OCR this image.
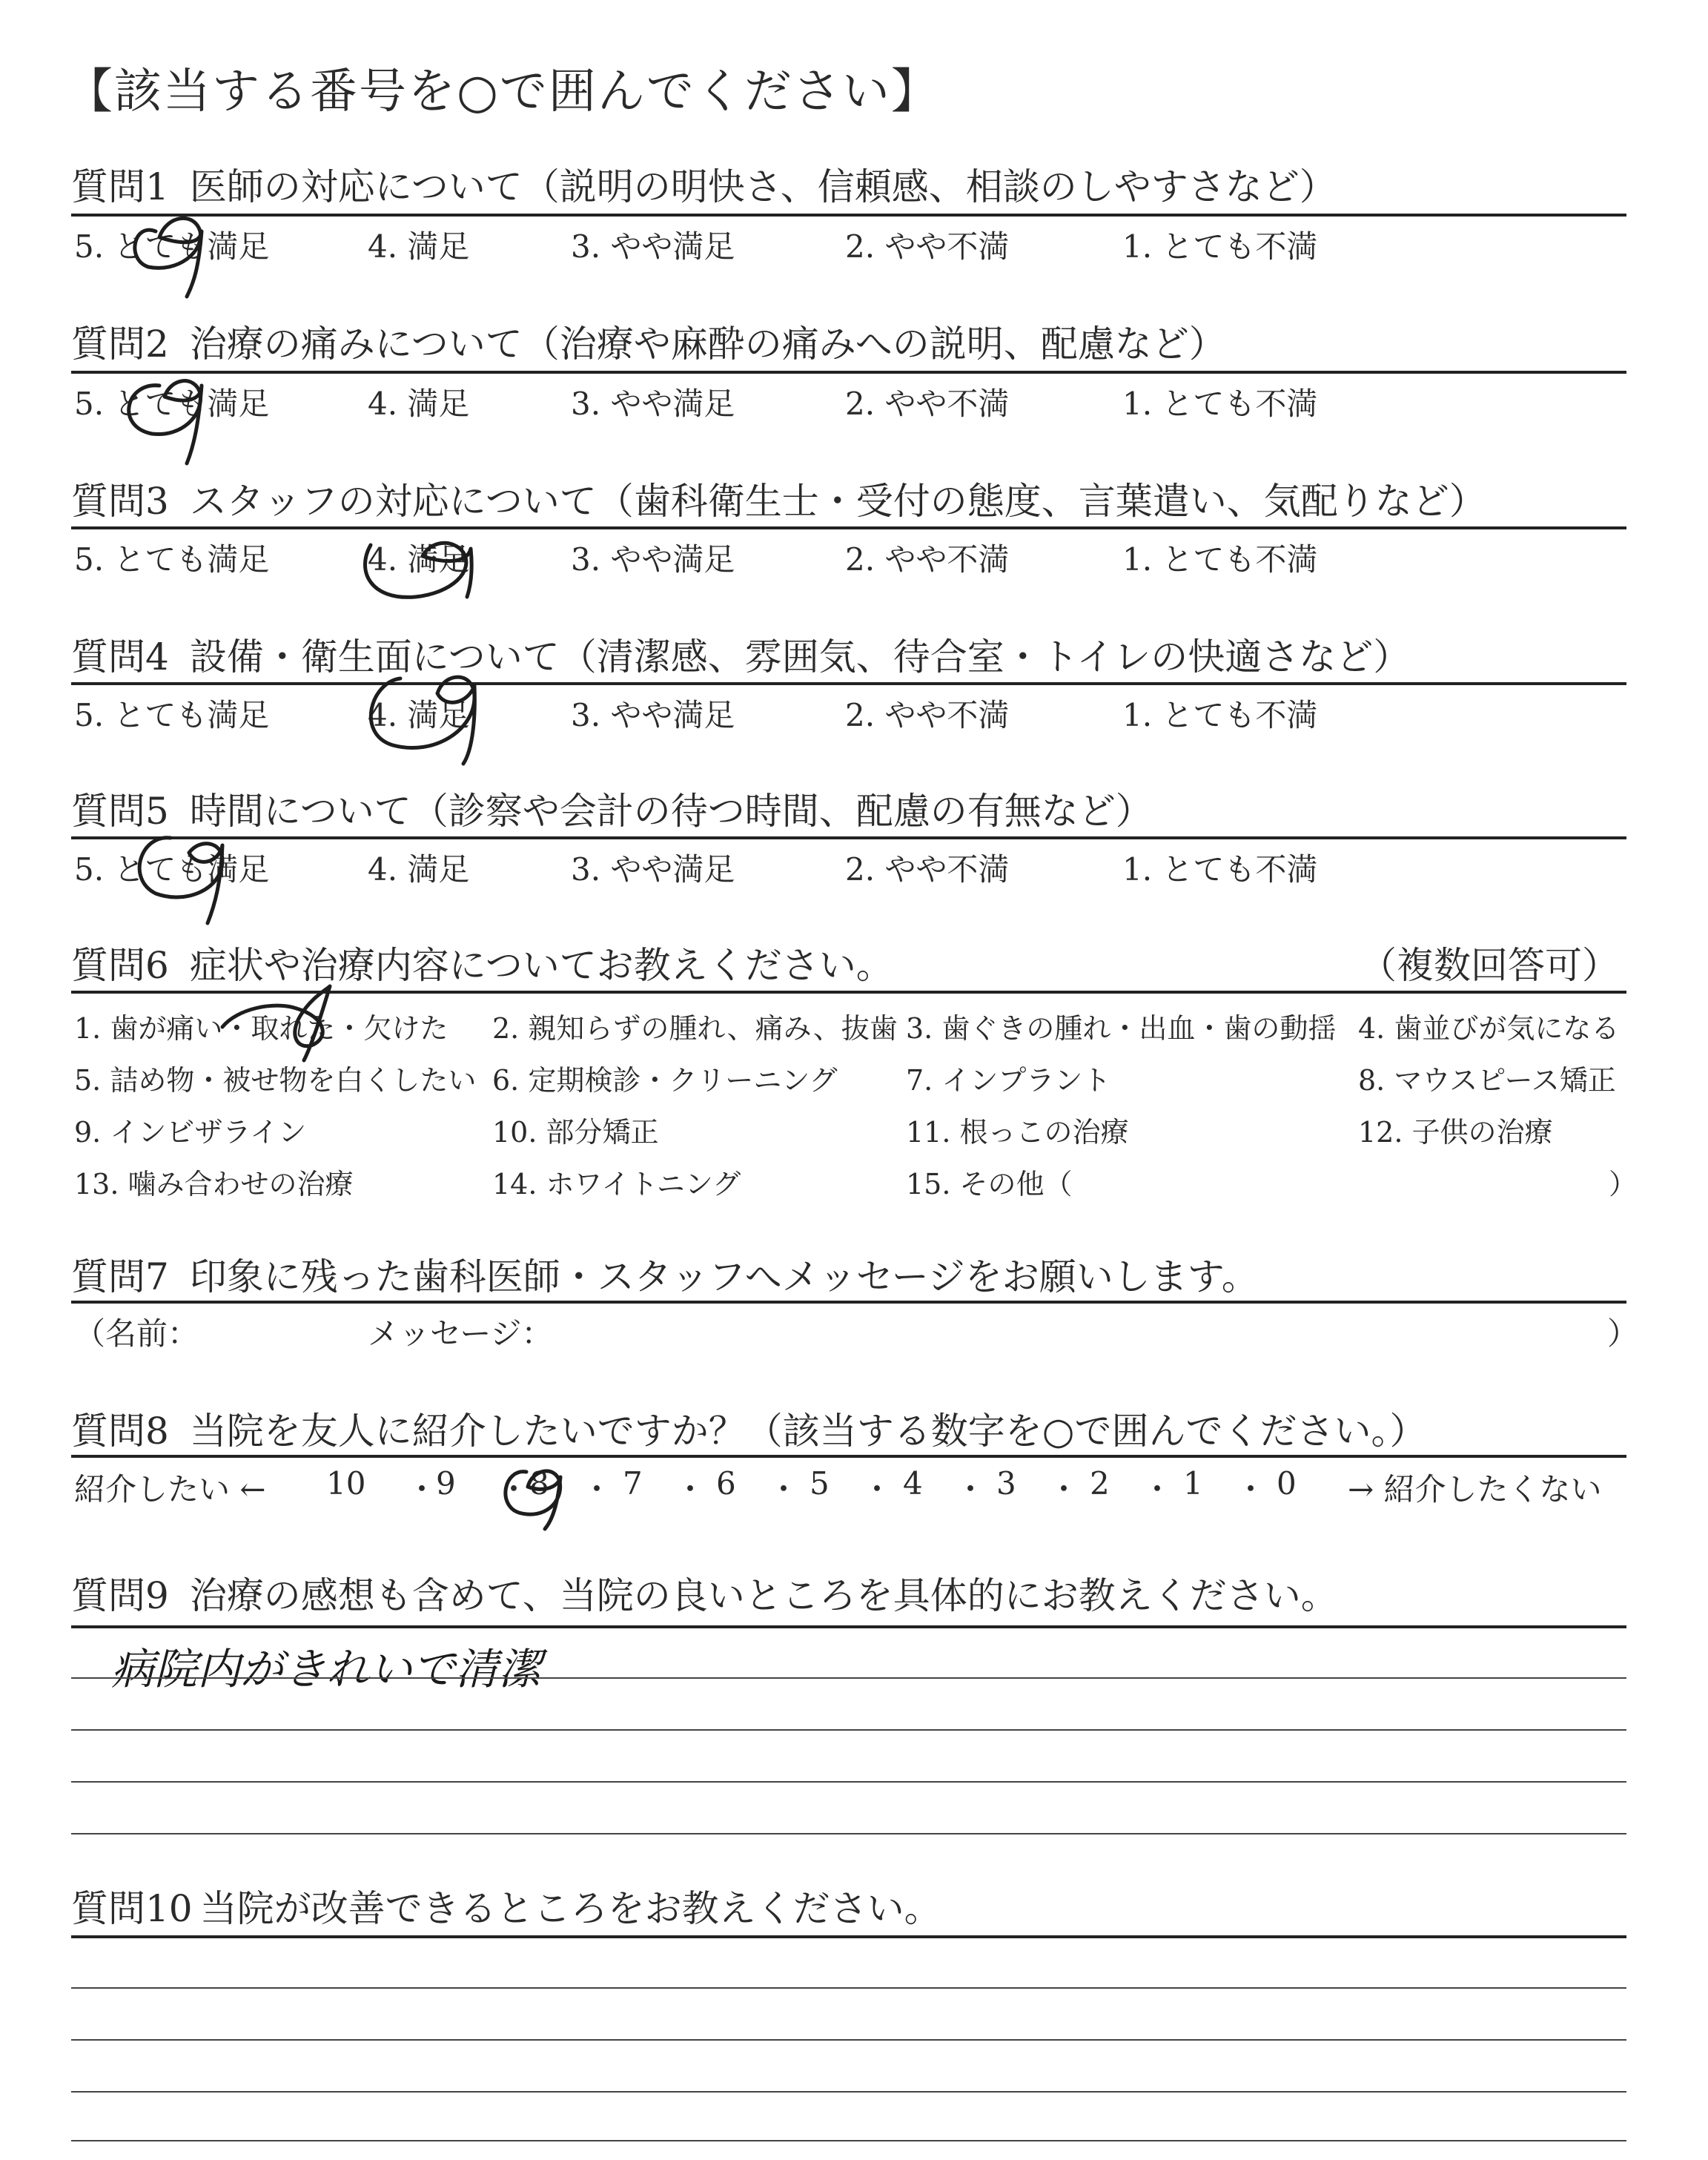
【該当する番号を○で囲んでください】
質問1 医師の対応について（説明の明快さ、信頼感、相談のしやすさなど）
5. とても満足	4. 満足	3. やや満足	2. やや不満	1. とても不満
質問2 治療の痛みについて（治療や麻酔の痛みへの説明、配慮など）
5. とても満足	4. 満足	3. やや満足	2. やや不満	1. とても不満
質問3 スタッフの対応について（歯科衛生士・受付の態度、言葉遣い、気配りなど）
5. とても満足	4. 満足	3. やや満足	2. やや不満	1. とても不満
質問4 設備・衛生面について（清潔感、雰囲気、待合室・トイレの快適さなど）
5. とても満足	4. 満足	3. やや満足	2. やや不満	1. とても不満
質問5 時間について（診察や会計の待つ時間、配慮の有無など）
5. とても満足	4. 満足	3. やや満足	2. やや不満	1. とても不満
質問6 症状や治療内容についてお教えください。	（複数回答可）
1. 歯が痛い・取れた・欠けた 2. 親知らずの腫れ、痛み、抜歯 3. 歯ぐきの腫れ・出血・歯の動揺 4. 歯並びが気になる
5. 詰め物・被せ物を白くしたい 6. 定期検診・クリーニング 7. インプラント	8. マウスピース矯正
9. インビザライン	10. 部分矯正	11. 根っこの治療	12. 子供の治療
13. 噛み合わせの治療	14. ホワイトニング	15. その他（	）
質問7 印象に残った歯科医師・スタッフへメッセージをお願いします。
（名前：	メッセージ：	）
質問8 当院を友人に紹介したいですか？（該当する数字を○で囲んでください。）
紹介したい ← 10 ・
9 ・ 8 ・ 7 ・ 6 ・ 5 ・ 4 ・ 3 ・ 2 ・ 1 ・ 0 → 紹介したくない
質問9 治療の感想も含めて、当院の良いところを具体的にお教えください。
病院内がきれいで清潔
質問10 当院が改善できるところをお教えください。
